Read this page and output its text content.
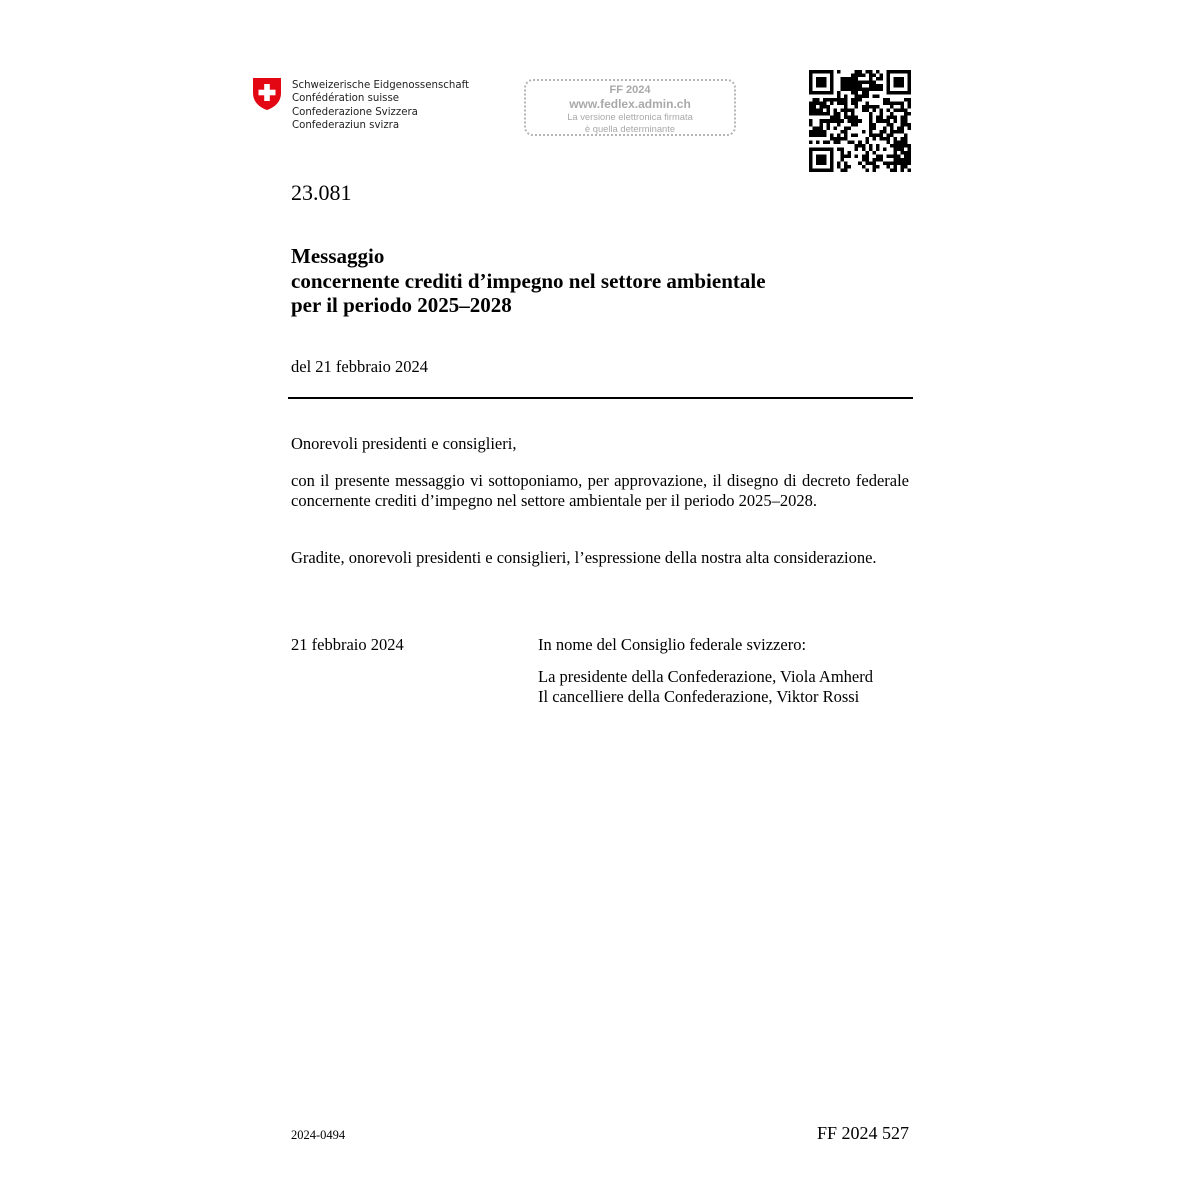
Schweizerische Eidgenossenschaft
Confédération suisse
Confederazione Svizzera
Confederaziun svizra
FF 2024
www.fedlex.admin.ch
La versione elettronica firmata
è quella determinante
23.081
Messaggio
concernente crediti d’impegno nel settore ambientale
per il periodo 2025–2028
del 21 febbraio 2024
Onorevoli presidenti e consiglieri,
con il presente messaggio vi sottoponiamo, per approvazione, il disegno di decreto federale concernente crediti d’impegno nel settore ambientale per il periodo 2025–2028.
Gradite, onorevoli presidenti e consiglieri, l’espressione della nostra alta considerazione.
21 febbraio 2024	In nome del Consiglio federale svizzero:
La presidente della Confederazione, Viola Amherd
Il cancelliere della Confederazione, Viktor Rossi
2024-0494	FF 2024 527
